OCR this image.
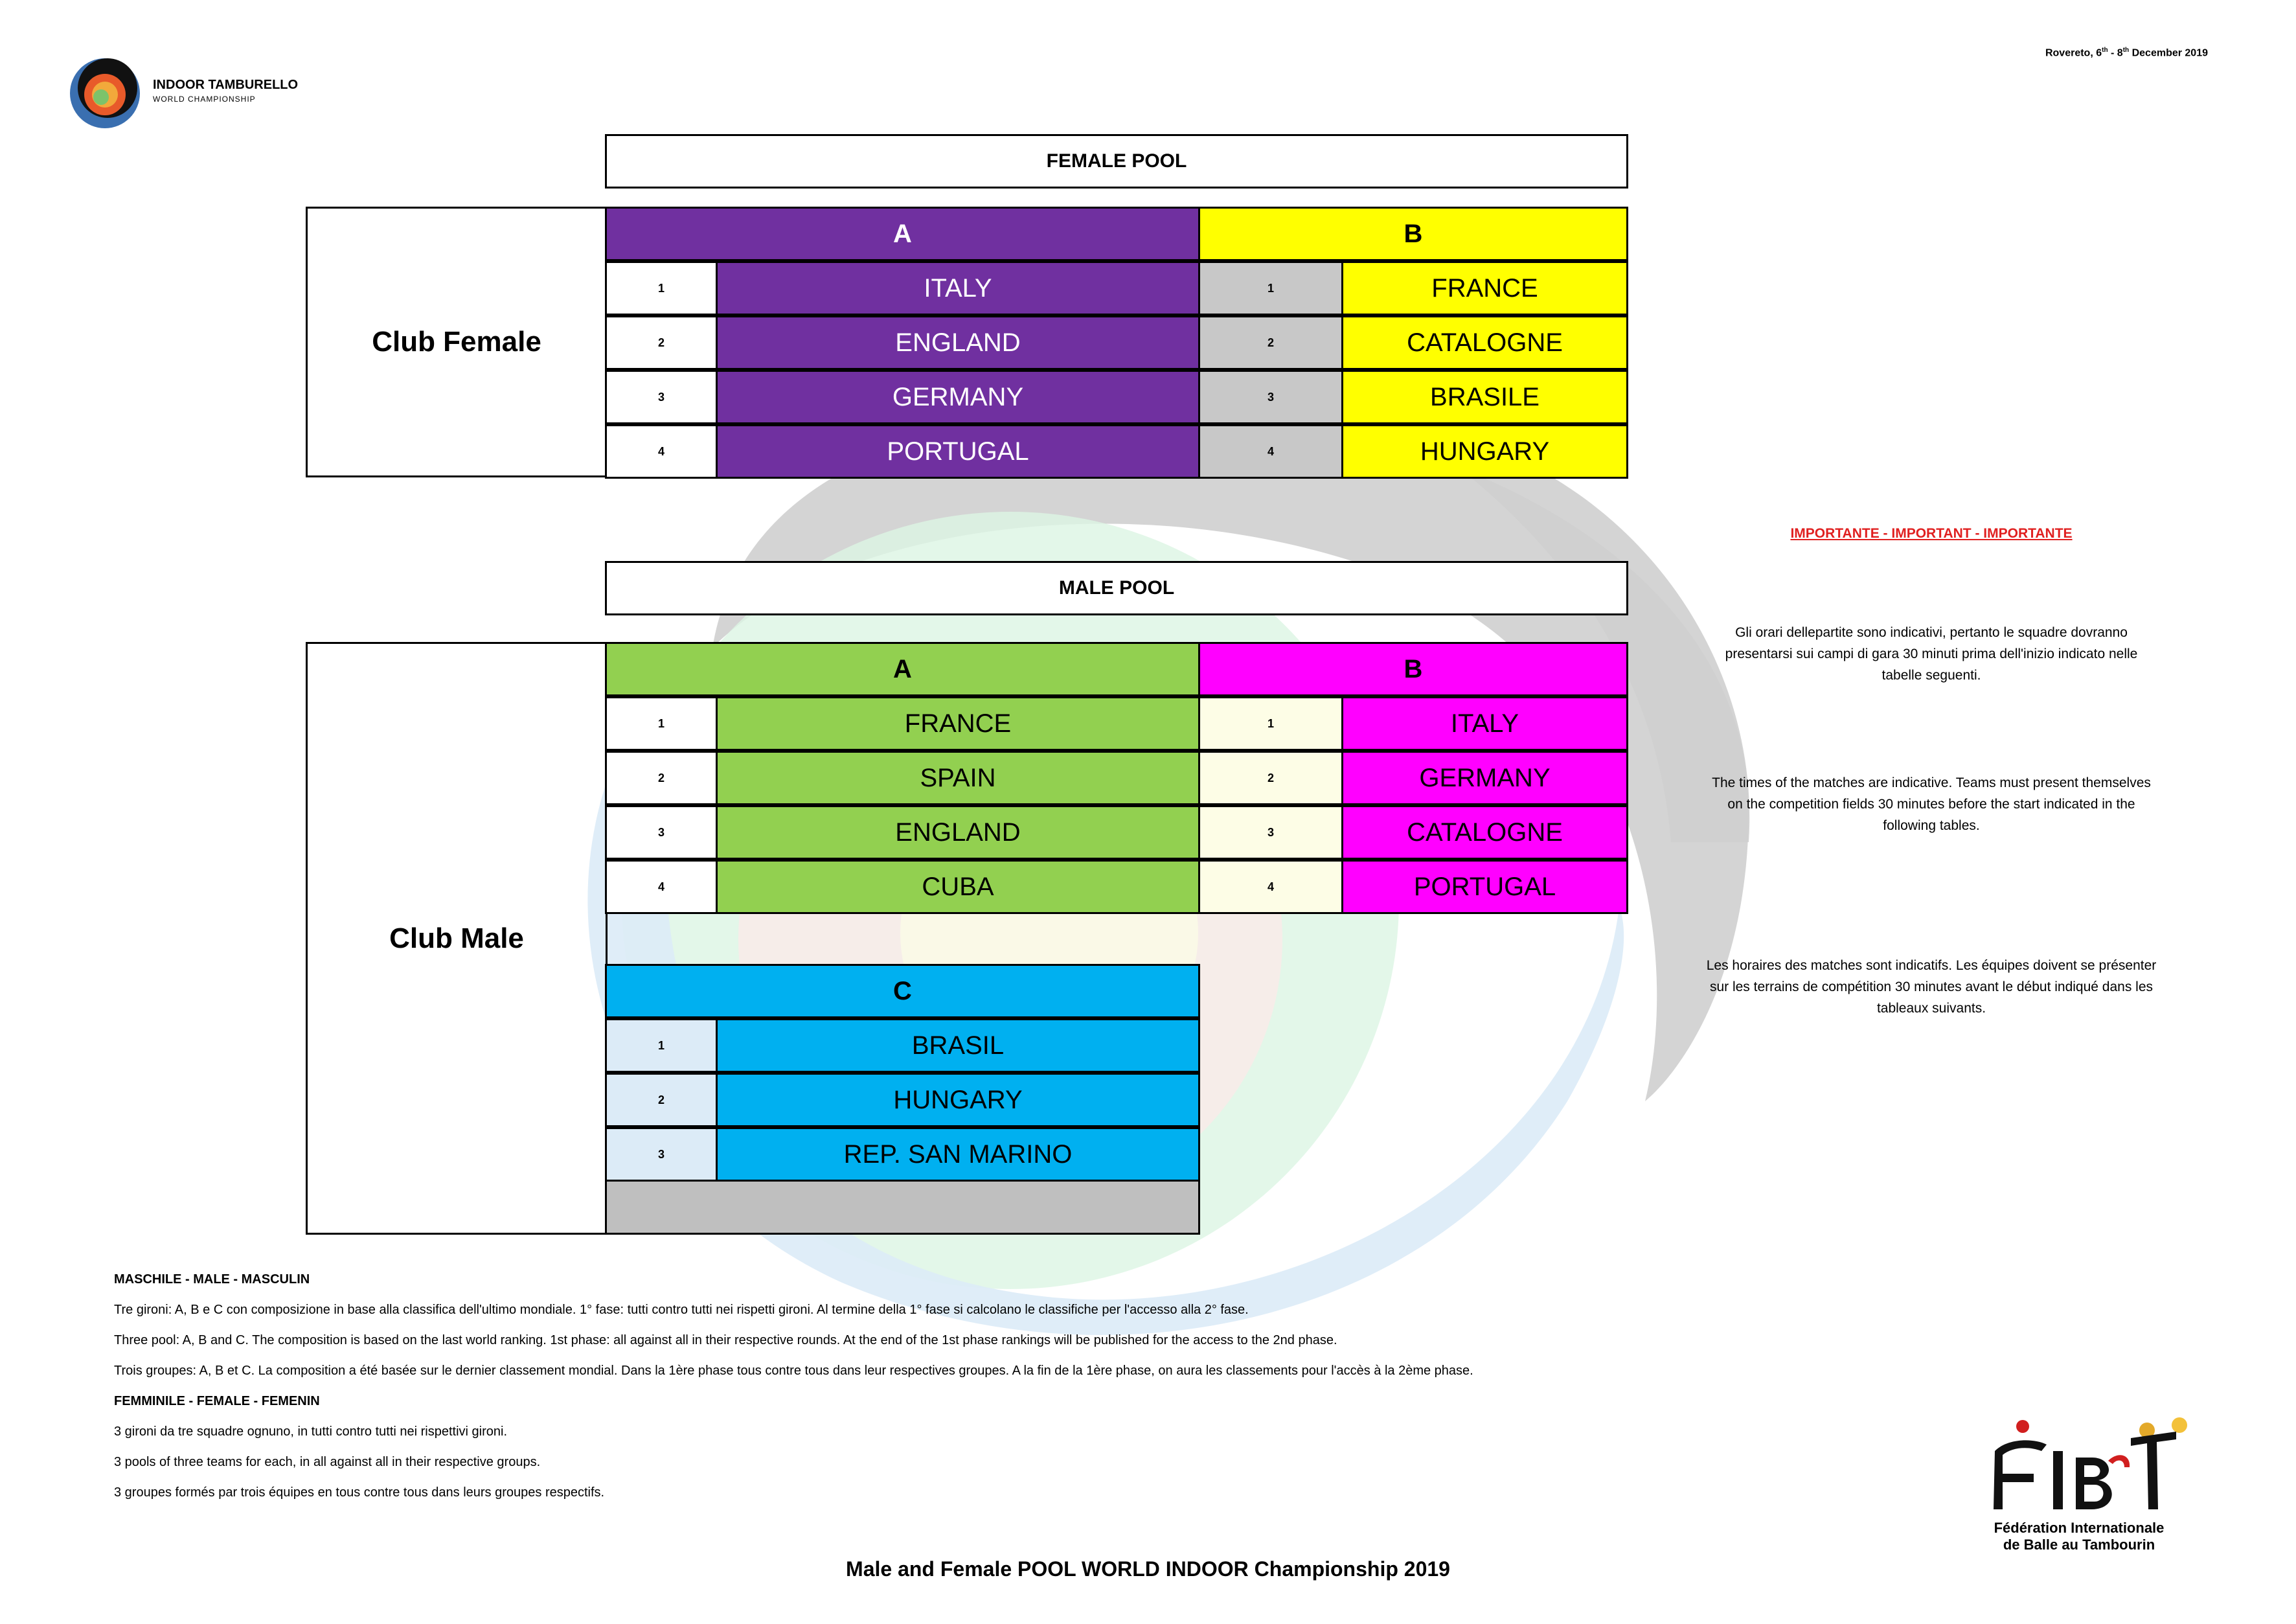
INDOOR TAMBURELLO
WORLD CHAMPIONSHIP
Rovereto, 6th - 8th December 2019
FEMALE POOL
Club Female
A
1	ITALY
2	ENGLAND
3	GERMANY
4	PORTUGAL
B
1	FRANCE
2	CATALOGNE
3	BRASILE
4	HUNGARY
MALE POOL
Club Male
A
1	FRANCE
2	SPAIN
3	ENGLAND
4	CUBA
B
1	ITALY
2	GERMANY
3	CATALOGNE
4	PORTUGAL
C
1	BRASIL
2	HUNGARY
3	REP. SAN MARINO
IMPORTANTE - IMPORTANT - IMPORTANTE
Gli orari dellepartite sono indicativi, pertanto le squadre dovranno presentarsi sui campi di gara 30 minuti prima dell'inizio indicato nelle tabelle seguenti.
The times of the matches are indicative. Teams must present themselves on the competition fields 30 minutes before the start indicated in the following tables.
Les horaires des matches sont indicatifs. Les équipes doivent se présenter sur les terrains de compétition 30 minutes avant le début indiqué dans les tableaux suivants.
MASCHILE - MALE - MASCULIN
Tre gironi: A, B e C con composizione in base alla classifica dell'ultimo mondiale. 1° fase: tutti contro tutti nei rispetti gironi. Al termine della 1° fase si calcolano le classifiche per l'accesso alla 2° fase.
Three pool: A, B and C. The composition is based on the last world ranking. 1st phase: all against all in their respective rounds. At the end of the 1st phase rankings will be published for the access to the 2nd phase.
Trois groupes: A, B et C. La composition a été basée sur le dernier classement mondial. Dans la 1ère phase tous contre tous dans leur respectives groupes. A la fin de la 1ère phase, on aura les classements pour l'accès à la 2ème phase.
FEMMINILE - FEMALE - FEMENIN
3 gironi da tre squadre ognuno, in tutti contro tutti nei rispettivi gironi.
3 pools of three teams for each, in all against all in their respective groups.
3 groupes formés par trois équipes en tous contre tous dans leurs groupes respectifs.
Fédération Internationale
de Balle au Tambourin
Male and Female POOL WORLD INDOOR Championship 2019
